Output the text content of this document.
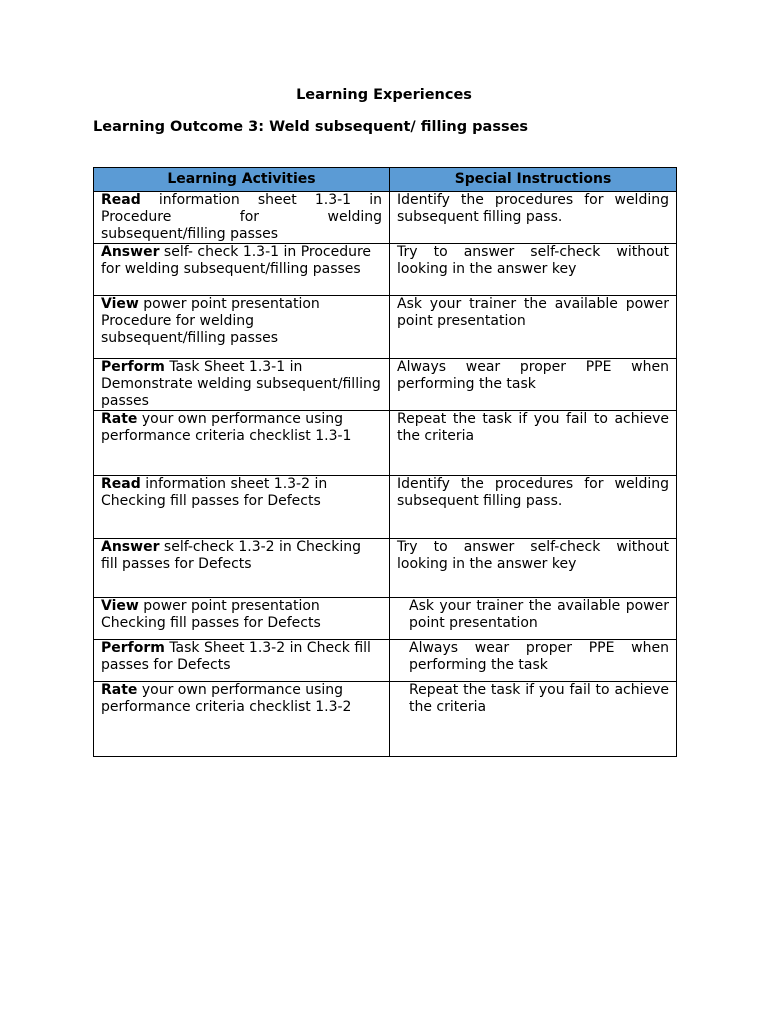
Learning Experiences
Learning Outcome 3: Weld subsequent/ filling passes
Learning Activities	Special Instructions
Read information sheet 1.3-1 in Procedure for welding subsequent/filling passes	Identify the procedures for welding subsequent filling pass.
Answer self- check 1.3-1 in Procedure for welding subsequent/filling passes	Try to answer self-check without looking in the answer key
View power point presentation Procedure for welding subsequent/filling passes	Ask your trainer the available power point presentation
Perform Task Sheet 1.3-1 in Demonstrate welding subsequent/filling passes	Always wear proper PPE when performing the task
Rate your own performance using performance criteria checklist 1.3-1	Repeat the task if you fail to achieve the criteria
Read information sheet 1.3-2 in Checking fill passes for Defects	Identify the procedures for welding subsequent filling pass.
Answer self-check 1.3-2 in Checking fill passes for Defects	Try to answer self-check without looking in the answer key
View power point presentation Checking fill passes for Defects	Ask your trainer the available power point presentation
Perform Task Sheet 1.3-2 in Check fill passes for Defects	Always wear proper PPE when performing the task
Rate your own performance using performance criteria checklist 1.3-2	Repeat the task if you fail to achieve the criteria
